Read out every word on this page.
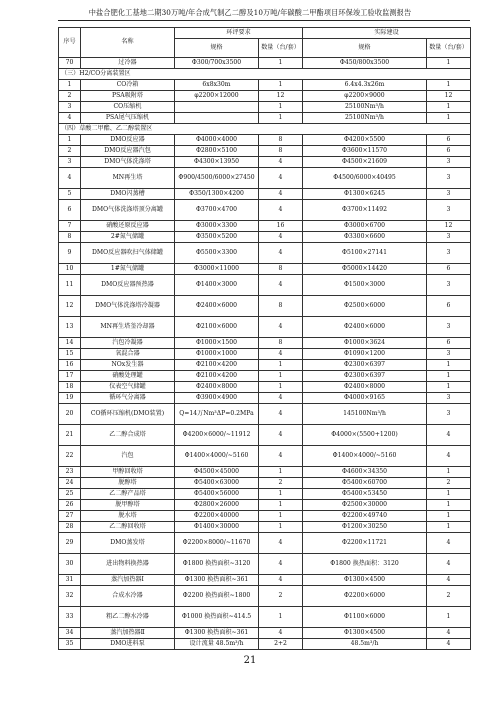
中盐合肥化工基地二期30万吨/年合成气制乙二醇及10万吨/年碳酸二甲酯项目环保竣工验收监测报告
序号	名称	环评要求		实际建设	
		规格	数量（台/套）	规格	数量（台/套）
70	过冷器	Φ300/700x3500	1	Φ450/800x3500	1
（三）H2/CO分离装置区					
1	CO冷箱	6x8x30m	1	6.4x4.3x26m	1
2	PSA吸附塔	φ2200×12000	12	φ2200×9000	12
3	CO压缩机		1	25100Nm³/h	1
4	PSA尾气压缩机		1	25100Nm³/h	1
（四）草酸二甲酯、乙二醇装置区					
1	DMO反应器	Φ4000×4000	8	Φ4200×5500	6
2	DMO反应器汽包	Φ2800×5100	8	Φ3600×11570	6
3	DMO气体洗涤塔	Φ4300×13950	4	Φ4500×21609	3
4	MN再生塔	Φ900/4500/6000×27450	4	Φ4500/6000×40495	3
5	DMO闪蒸槽	Φ350/1300×4200	4	Φ1300×6245	3
6	DMO气体洗涤塔顶分离罐	Φ3700×4700	4	Φ3700×11492	3
7	硝酸还原反应器	Φ3000×3300	16	Φ3000×6700	12
8	2#氮气储罐	Φ3500×5200	4	Φ3300×6600	3
9	DMO反应器吹扫气体储罐	Φ5500×3300	4	Φ5100×27141	3
10	1#氮气储罐	Φ3000×11000	8	Φ5000×14420	6
11	DMO反应器预热器	Φ1400×3000	4	Φ1500×3000	3
12	DMO气体洗涤塔冷凝器	Φ2400×6000	8	Φ2500×6000	6
13	MN再生塔釜冷却器	Φ2100×6000	4	Φ2400×6000	3
14	汽包冷凝器	Φ1000×1500	8	Φ1000×3624	6
15	氧混合器	Φ1000×1000	4	Φ1090×1200	3
16	NOx发生器	Φ2100×4200	1	Φ2300×6397	1
17	硝酸处理罐	Φ2100×4200	1	Φ2300×6397	1
18	仪表空气储罐	Φ2400×8000	1	Φ2400×8000	1
19	循环气分离器	Φ3900×4900	4	Φ4000×9165	3
20	CO循环压缩机(DMO装置)	Q=14万Nm³ΔP=0.2MPa	4	145100Nm³/h	3
21	乙二醇合成塔	Φ4200×6000/~11912	4	Φ4000×(5500+1200)	4
22	汽包	Φ1400×4000/~5160	4	Φ1400×4000/~5160	4
23	甲醇回收塔	Φ4500×45000	1	Φ4600×34350	1
24	脱醇塔	Φ5400×63000	2	Φ5400×60700	2
25	乙二醇产品塔	Φ5400×56000	1	Φ5400×53450	1
26	脱甲醇塔	Φ2800×26000	1	Φ2500×30000	1
27	脱水塔	Φ2200×40000	1	Φ2200×49740	1
28	乙二醇回收塔	Φ1400×30000	1	Φ1200×30250	1
29	DMO蒸发塔	Φ2200×8000/~11670	4	Φ2200×11721	4
30	进出物料换热器	Φ1800 换热面积~3120	4	Φ1800 换热面积：3120	4
31	蒸汽加热器Ⅰ	Φ1300 换热面积~361	4	Φ1300×4500	4
32	合成水冷器	Φ2200 换热面积~1800	2	Φ2200×6000	2
33	粗乙二醇水冷器	Φ1000 换热面积~414.5	1	Φ1100×6000	1
34	蒸汽加热器Ⅱ	Φ1300 换热面积~361	4	Φ1300×4500	4
35	DMO进料泵	设计流量 48.5m³/h	2+2	48.5m³/h	4
21
